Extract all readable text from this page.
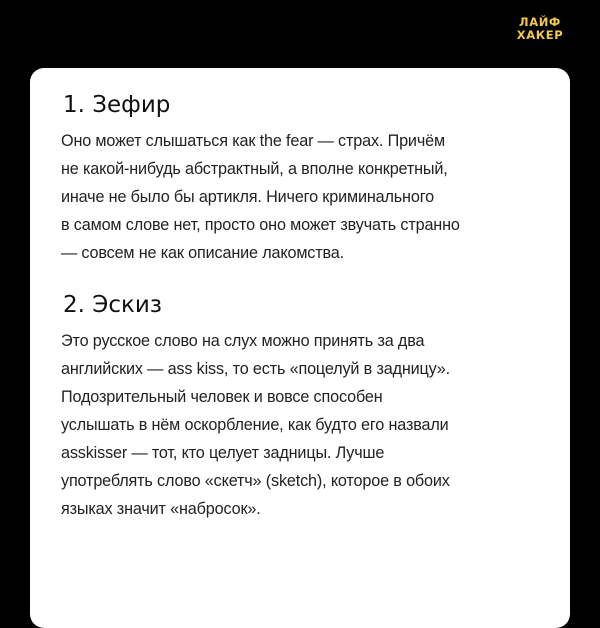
ЛАЙФ
ХАКЕР
1. Зефир

Оно может слышаться как the fear — страх. Причём
не какой-нибудь абстрактный, а вполне конкретный,
иначе не было бы артикля. Ничего криминального
в самом слове нет, просто оно может звучать странно
— совсем не как описание лакомства.

2. Эскиз

Это русское слово на слух можно принять за два
английских — ass kiss, то есть «поцелуй в задницу».
Подозрительный человек и вовсе способен
услышать в нём оскорбление, как будто его назвали
asskisser — тот, кто целует задницы. Лучше
употреблять слово «скетч» (sketch), которое в обоих
языках значит «набросок».
